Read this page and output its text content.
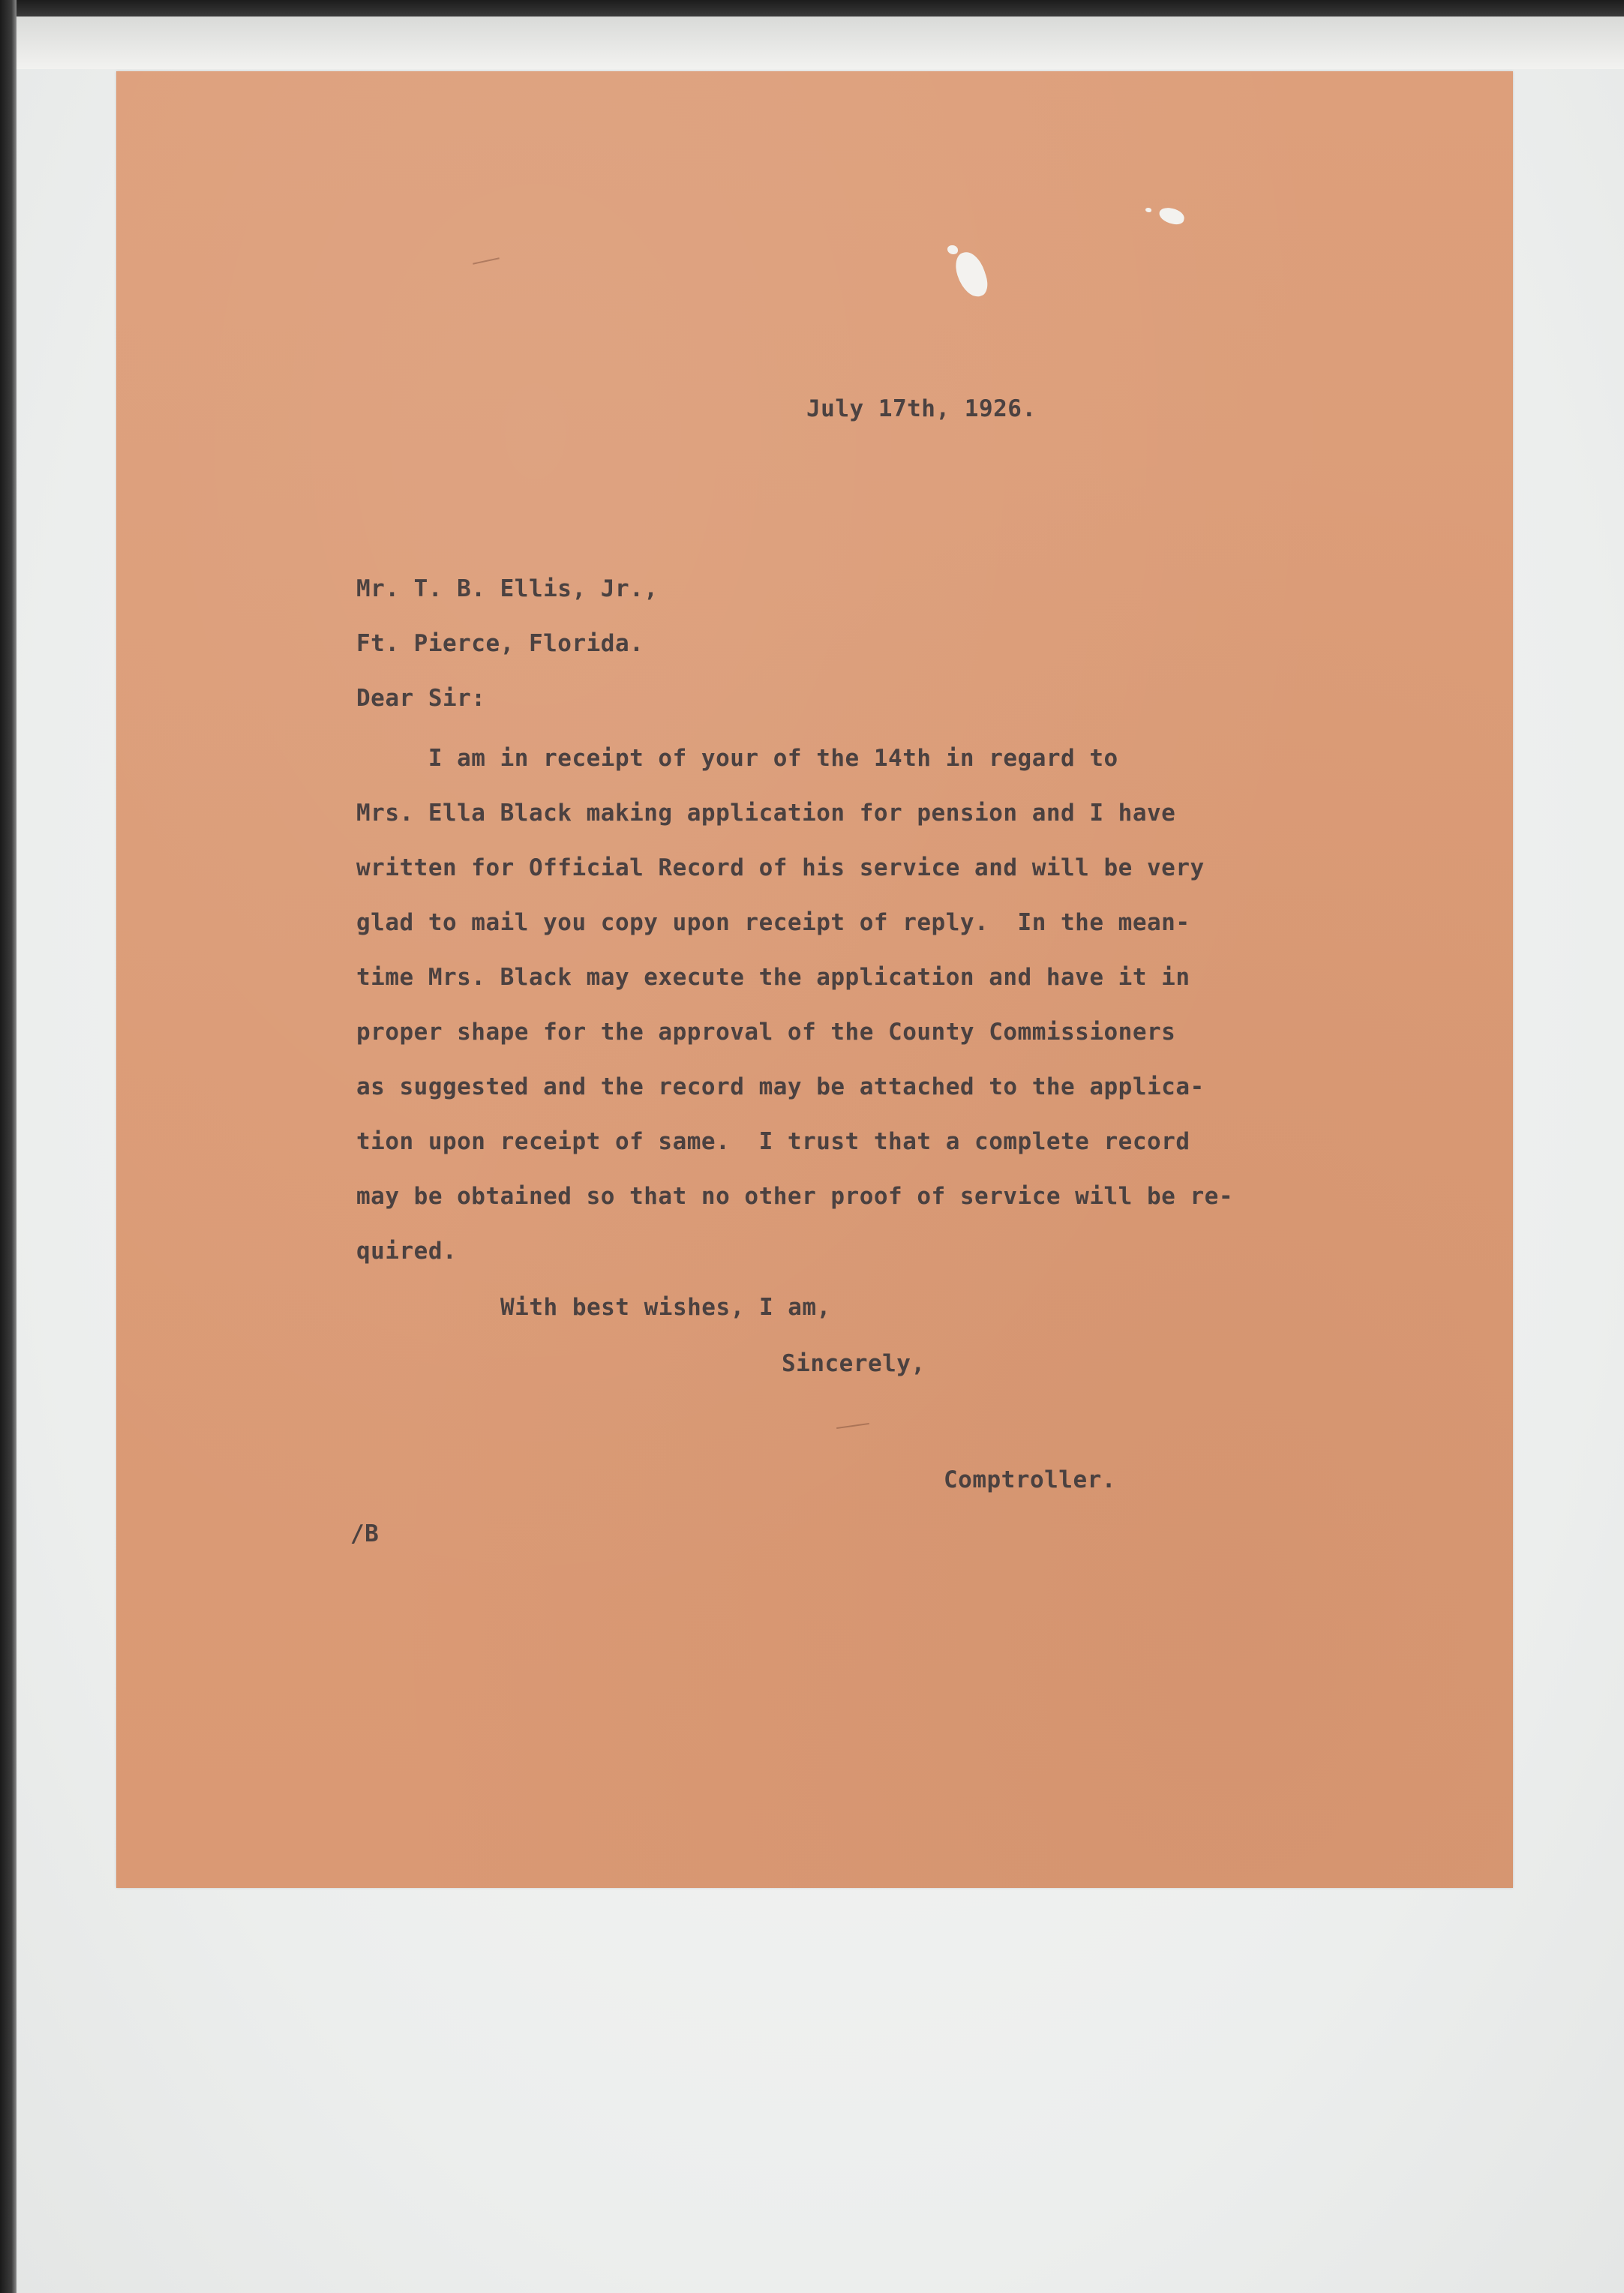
July 17th, 1926.
Mr. T. B. Ellis, Jr.,
Ft. Pierce, Florida.
Dear Sir:
I am in receipt of your of the 14th in regard to
Mrs. Ella Black making application for pension and I have
written for Official Record of his service and will be very
glad to mail you copy upon receipt of reply.  In the mean-
time Mrs. Black may execute the application and have it in
proper shape for the approval of the County Commissioners
as suggested and the record may be attached to the applica-
tion upon receipt of same.  I trust that a complete record
may be obtained so that no other proof of service will be re-
quired.
With best wishes, I am,
Sincerely,
Comptroller.
/B
